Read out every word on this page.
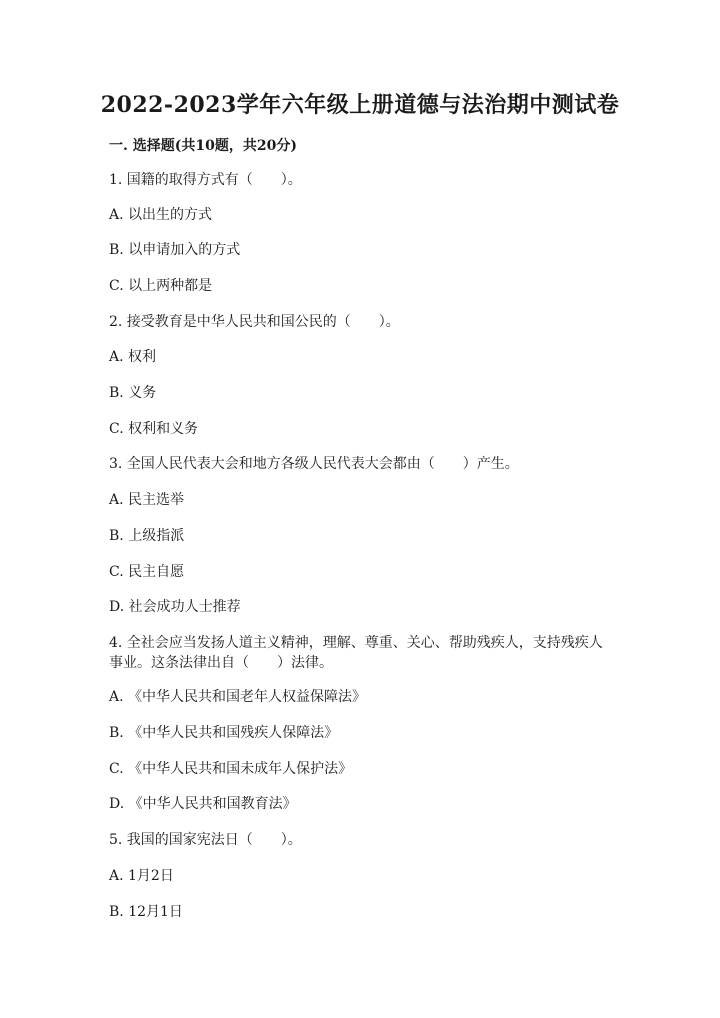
2022-2023学年六年级上册道德与法治期中测试卷
一. 选择题(共10题，共20分)
1. 国籍的取得方式有（　　）。
A. 以出生的方式
B. 以申请加入的方式
C. 以上两种都是
2. 接受教育是中华人民共和国公民的（　　）。
A. 权利
B. 义务
C. 权利和义务
3. 全国人民代表大会和地方各级人民代表大会都由（　　）产生。
A. 民主选举
B. 上级指派
C. 民主自愿
D. 社会成功人士推荐
4. 全社会应当发扬人道主义精神，理解、尊重、关心、帮助残疾人，支持残疾人事业。这条法律出自（　　）法律。
A. 《中华人民共和国老年人权益保障法》
B. 《中华人民共和国残疾人保障法》
C. 《中华人民共和国未成年人保护法》
D. 《中华人民共和国教育法》
5. 我国的国家宪法日（　　）。
A. 1月2日
B. 12月1日
